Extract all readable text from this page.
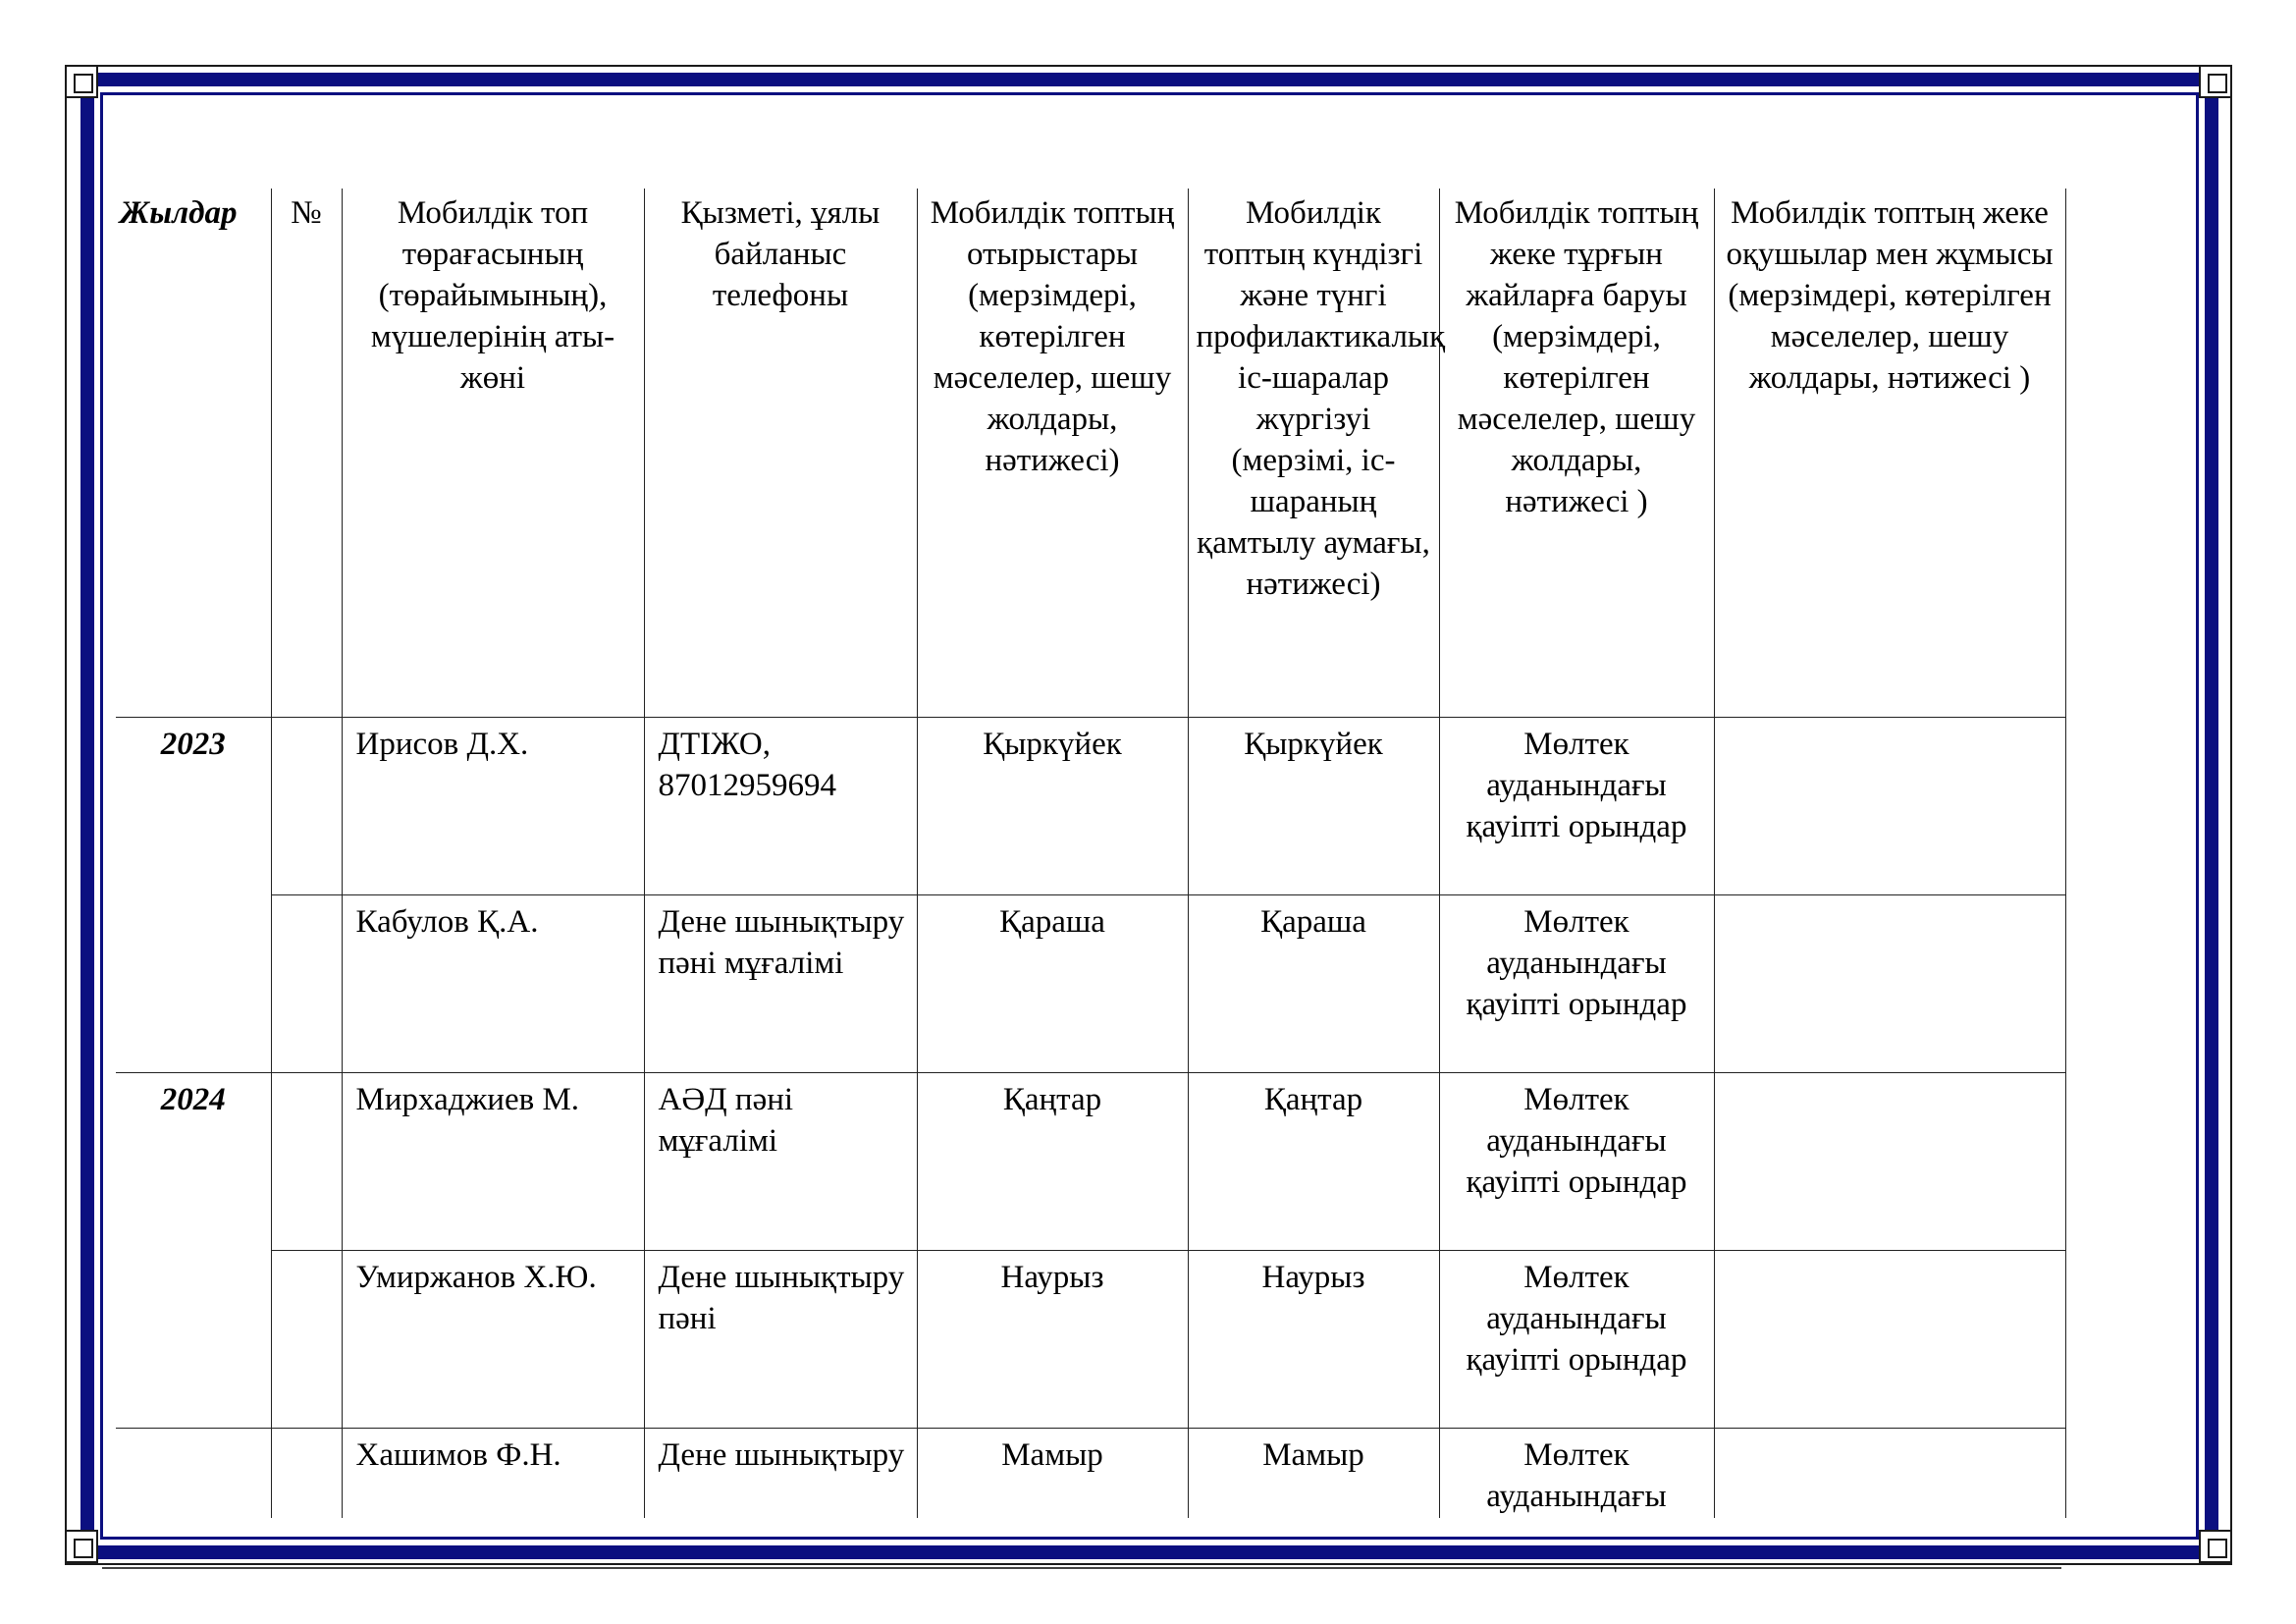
Жылдар	№	Мобилдік топ төрағасының (төрайымының), мүшелерінің аты-жөні	Қызметі, ұялы байланыс телефоны	Мобилдік топтың отырыстары (мерзімдері, көтерілген мәселелер, шешу жолдары, нәтижесі)	Мобилдік топтың күндізгі және түнгі профилактикалық іс-шаралар жүргізуі (мерзімі, іс-шараның қамтылу аумағы, нәтижесі)	Мобилдік топтың жеке тұрғын жайларға баруы (мерзімдері, көтерілген мәселелер, шешу жолдары, нәтижесі )	Мобилдік топтың жеке оқушылар мен жұмысы (мерзімдері, көтерілген мәселелер, шешу жолдары, нәтижесі )
2023		Ирисов Д.Х.	ДТІЖО, 87012959694	Қыркүйек	Қыркүйек	Мөлтек ауданындағы қауіпті орындар	
		Кабулов Қ.А.	Дене шынықтыру пәні мұғалімі	Қараша	Қараша	Мөлтек ауданындағы қауіпті орындар	
2024		Мирхаджиев М.	АӘД пәні мұғалімі	Қаңтар	Қаңтар	Мөлтек ауданындағы қауіпті орындар	
		Умиржанов Х.Ю.	Дене шынықтыру пәні	Наурыз	Наурыз	Мөлтек ауданындағы қауіпті орындар	
		Хашимов Ф.Н.	Дене шынықтыру	Мамыр	Мамыр	Мөлтек ауданындағы	
